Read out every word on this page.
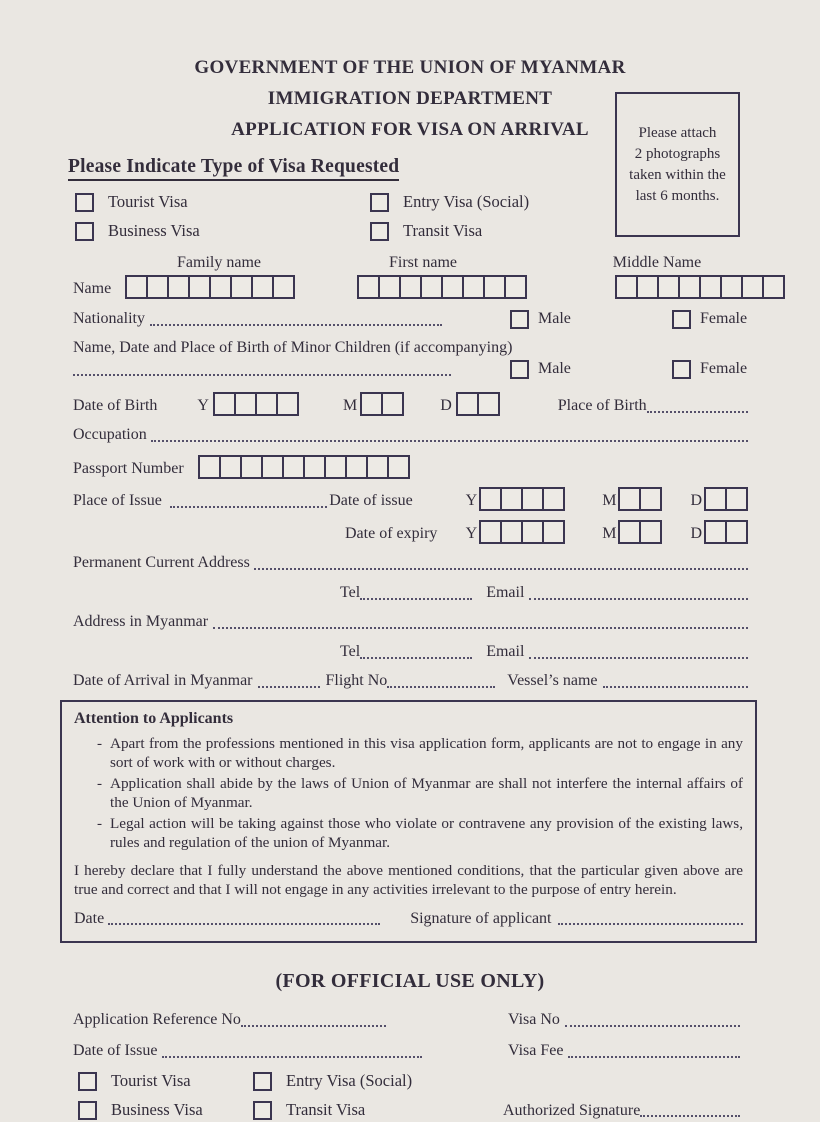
GOVERNMENT OF THE UNION OF MYANMAR
IMMIGRATION DEPARTMENT
APPLICATION FOR VISA ON ARRIVAL	Please attach
2 photographs
taken within the
last 6 months.
Please Indicate Type of Visa Requested
Tourist Visa	Entry Visa (Social)
Business Visa	Transit Visa
Family name	First name	Middle Name
Name
Nationality	Male	Female
Name, Date and Place of Birth of Minor Children (if accompanying)
Male	Female
Date of Birth	Y	M	D	Place of Birth
Occupation
Passport Number
Place of Issue	Date of issue	Y	M	D
Date of expiry	Y	M	D
Permanent Current Address
Tel	Email
Address in Myanmar
Tel	Email
Date of Arrival in Myanmar	Flight No	Vessel’s name
Attention to Applicants
- Apart from the professions mentioned in this visa application form, applicants are not to engage in any sort of work with or without charges.
- Application shall abide by the laws of Union of Myanmar are shall not interfere the internal affairs of the Union of Myanmar.
- Legal action will be taking against those who violate or contravene any provision of the existing laws, rules and regulation of the union of Myanmar.
I hereby declare that I fully understand the above mentioned conditions, that the particular given above are true and correct and that I will not engage in any activities irrelevant to the purpose of entry herein.
Date	Signature of applicant
(FOR OFFICIAL USE ONLY)
Application Reference No	Visa No
Date of Issue	Visa Fee
Tourist Visa	Entry Visa (Social)
Business Visa	Transit Visa	Authorized Signature
